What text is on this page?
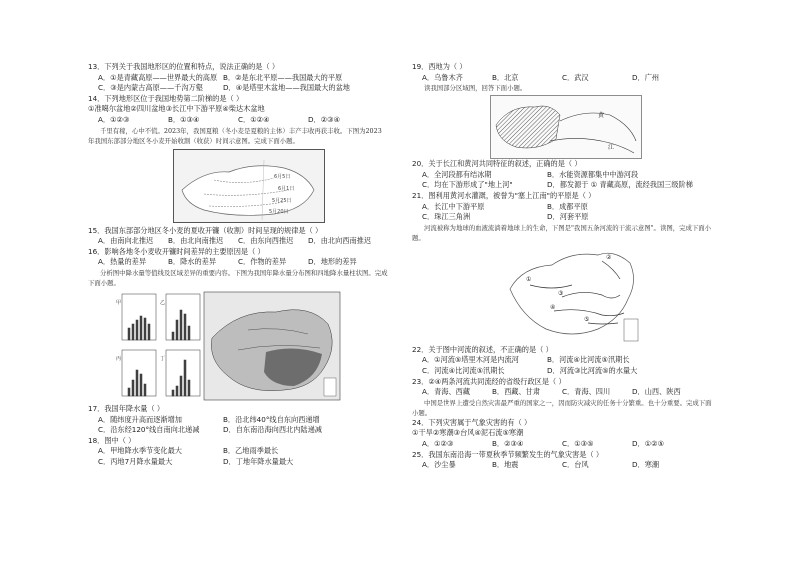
13．下列关于我国地形区的位置和特点，说法正确的是（ ）
A．①是青藏高原——世界最大的高原 B．②是东北平原——我国最大的平原
C．③是内蒙古高原——千沟万壑	D．④是塔里木盆地——我国最大的盆地
14．下列地形区位于我国地势第二阶梯的是（ ）
①准噶尔盆地②四川盆地③长江中下游平原④柴达木盆地
A．①②③	B．①③④	C．①②④	D．②③④
千里有稼，心中不慌。2023年，我国夏粮（冬小麦是夏粮的主体）丰产丰收再获丰收。下图为2023年我国东部部分地区冬小麦开始收割（收获）时间示意图。完成下面小题。
6月5日
6月1日
5月25日
5月20日
15．我国东部部分地区冬小麦的夏收开镰（收割）时间呈现的规律是（ ）
A．由南向北推迟	B．由北向南推迟	C．由东向西推迟	D．由北向西南推迟
16．影响各地冬小麦收开镰时间差异的主要原因是（ ）
A．热量的差异	B．降水的差异	C．作物的差异	D．地形的差异
分析图中降水量等值线及区域差异的重要内容。下图为我国年降水量分布图和四地降水量柱状图。完成下面小题。
甲	乙
丙	丁
17．我国年降水量（ ）
A．随纬度升高而逐渐增加	B．沿北纬40°线自东向西递增
C．沿东经120°线自南向北递减	D．自东南沿海向西北内陆递减
18．图中（ ）
A．甲地降水季节变化最大	B．乙地雨季最长
C．丙地7月降水量最大	D．丁地年降水量最大
19．西地为（ ）
A．乌鲁木齐	B．北京	C．武汉	D．广州
读我国部分区域图，回答下面小题。
黄
江
20．关于长江和黄河共同特征的叙述，正确的是（ ）
A．全河段都有结冰期	B．水能资源都集中中游河段
C．均在下游形成了"地上河"	D．都发源于 ① 青藏高原，流经我国三级阶梯
21．图利用黄河水灌溉，被誉为"塞上江南"的平原是（ ）
A．长江中下游平原	B．成都平原
C．珠江三角洲	D．河套平原
河流被称为地球的血液流淌着地球上的生命，下图是"我国五条河流的干流示意图"。读图，完成下面小题。
①
②
③
④
⑤
22．关于图中河流的叙述，不正确的是（ ）
A．①河流⑤塔里木河是内流河	B．河流④比河流⑤汛期长
C．河流④比河流⑤汛期长	D．河流③比河流⑤的水量大
23．②④两条河流共同流经的省级行政区是（ ）
A．青海、西藏	B．西藏、甘肃	C．青海、四川	D．山西、陕西
中国是世界上遭受自然灾害最严重的国家之一，因而防灾减灾的任务十分繁重。也十分重要。完成下面小题。
24．下列灾害属于气象灾害的有（ ）
①干旱②寒潮③台风④泥石流⑤寒潮
A．①②③	B．②③④	C．①③⑤	D．①②⑤
25．我国东南沿海一带夏秋季节频繁发生的气象灾害是（ ）
A．沙尘暴	B．地震	C．台风	D．寒潮
